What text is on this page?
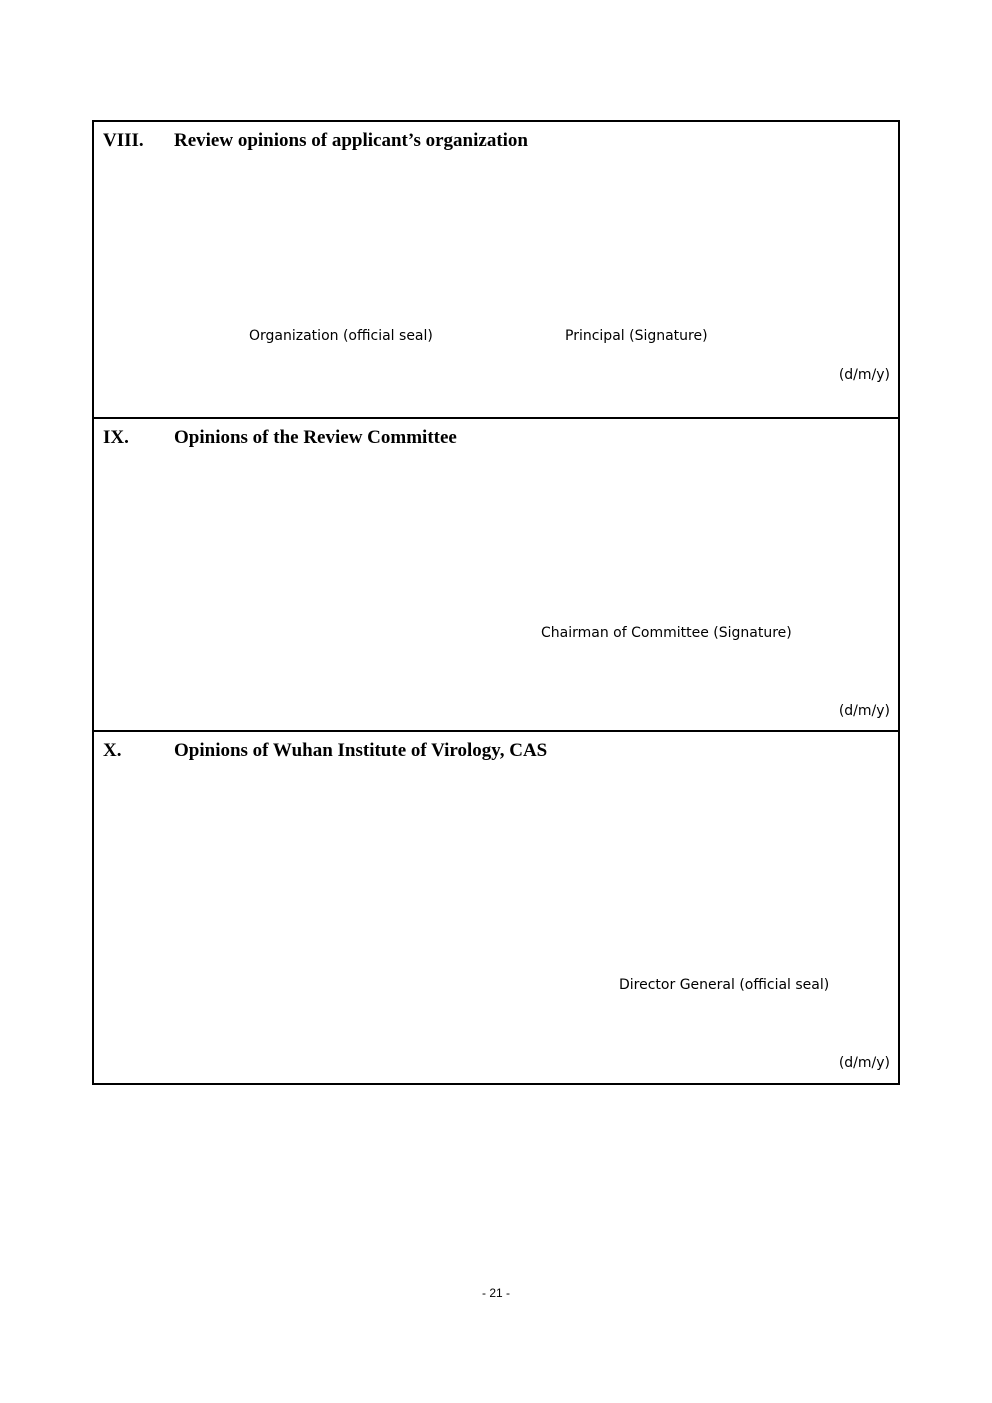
VIII. Review opinions of applicant’s organization
Organization (official seal)	Principal (Signature)
(d/m/y)
IX. Opinions of the Review Committee
Chairman of Committee (Signature)
(d/m/y)
X.	Opinions of Wuhan Institute of Virology, CAS
Director General (official seal)
(d/m/y)
- 21 -
